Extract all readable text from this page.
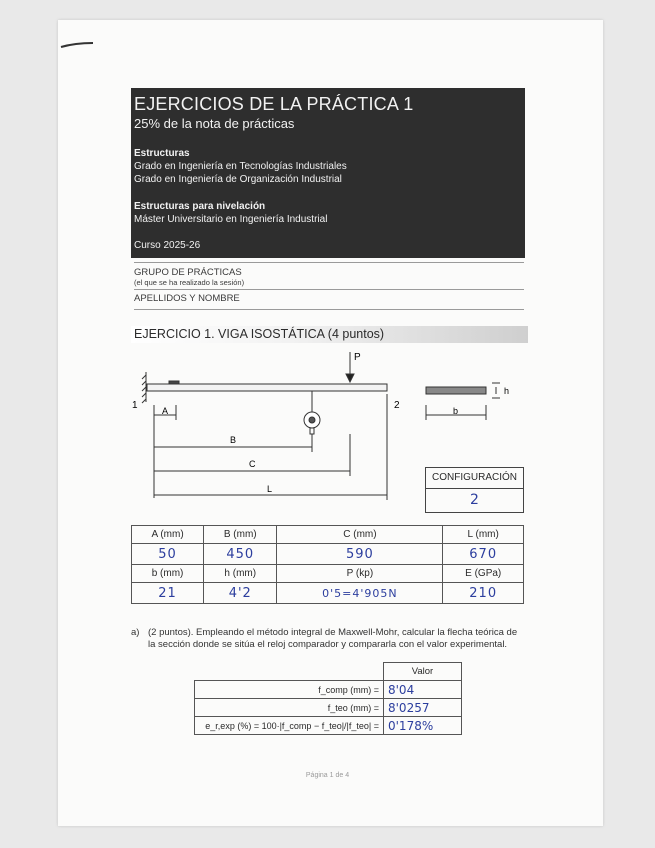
EJERCICIOS DE LA PRÁCTICA 1
25% de la nota de prácticas
Estructuras
Grado en Ingeniería en Tecnologías Industriales
Grado en Ingeniería de Organización Industrial
Estructuras para nivelación
Máster Universitario en Ingeniería Industrial
Curso 2025-26
GRUPO DE PRÁCTICAS
(el que se ha realizado la sesión)
APELLIDOS Y NOMBRE
EJERCICIO 1. VIGA ISOSTÁTICA (4 puntos)
P
1	2
A
B
C
L
b
h
CONFIGURACIÓN
2
A (mm)	B (mm)	C (mm)	L (mm)
50	450	590	670
b (mm)	h (mm)	P (kp)	E (GPa)
21	4'2	0'5=4'905N	210
a) (2 puntos). Empleando el método integral de Maxwell-Mohr, calcular la flecha teórica de la sección donde se sitúa el reloj comparador y compararla con el valor experimental.
	Valor
f_comp (mm) =	8'04
f_teo (mm) =	8'0257
e_r,exp (%) = 100·|f_comp − f_teo|/|f_teo| =	0'178%
Página 1 de 4
